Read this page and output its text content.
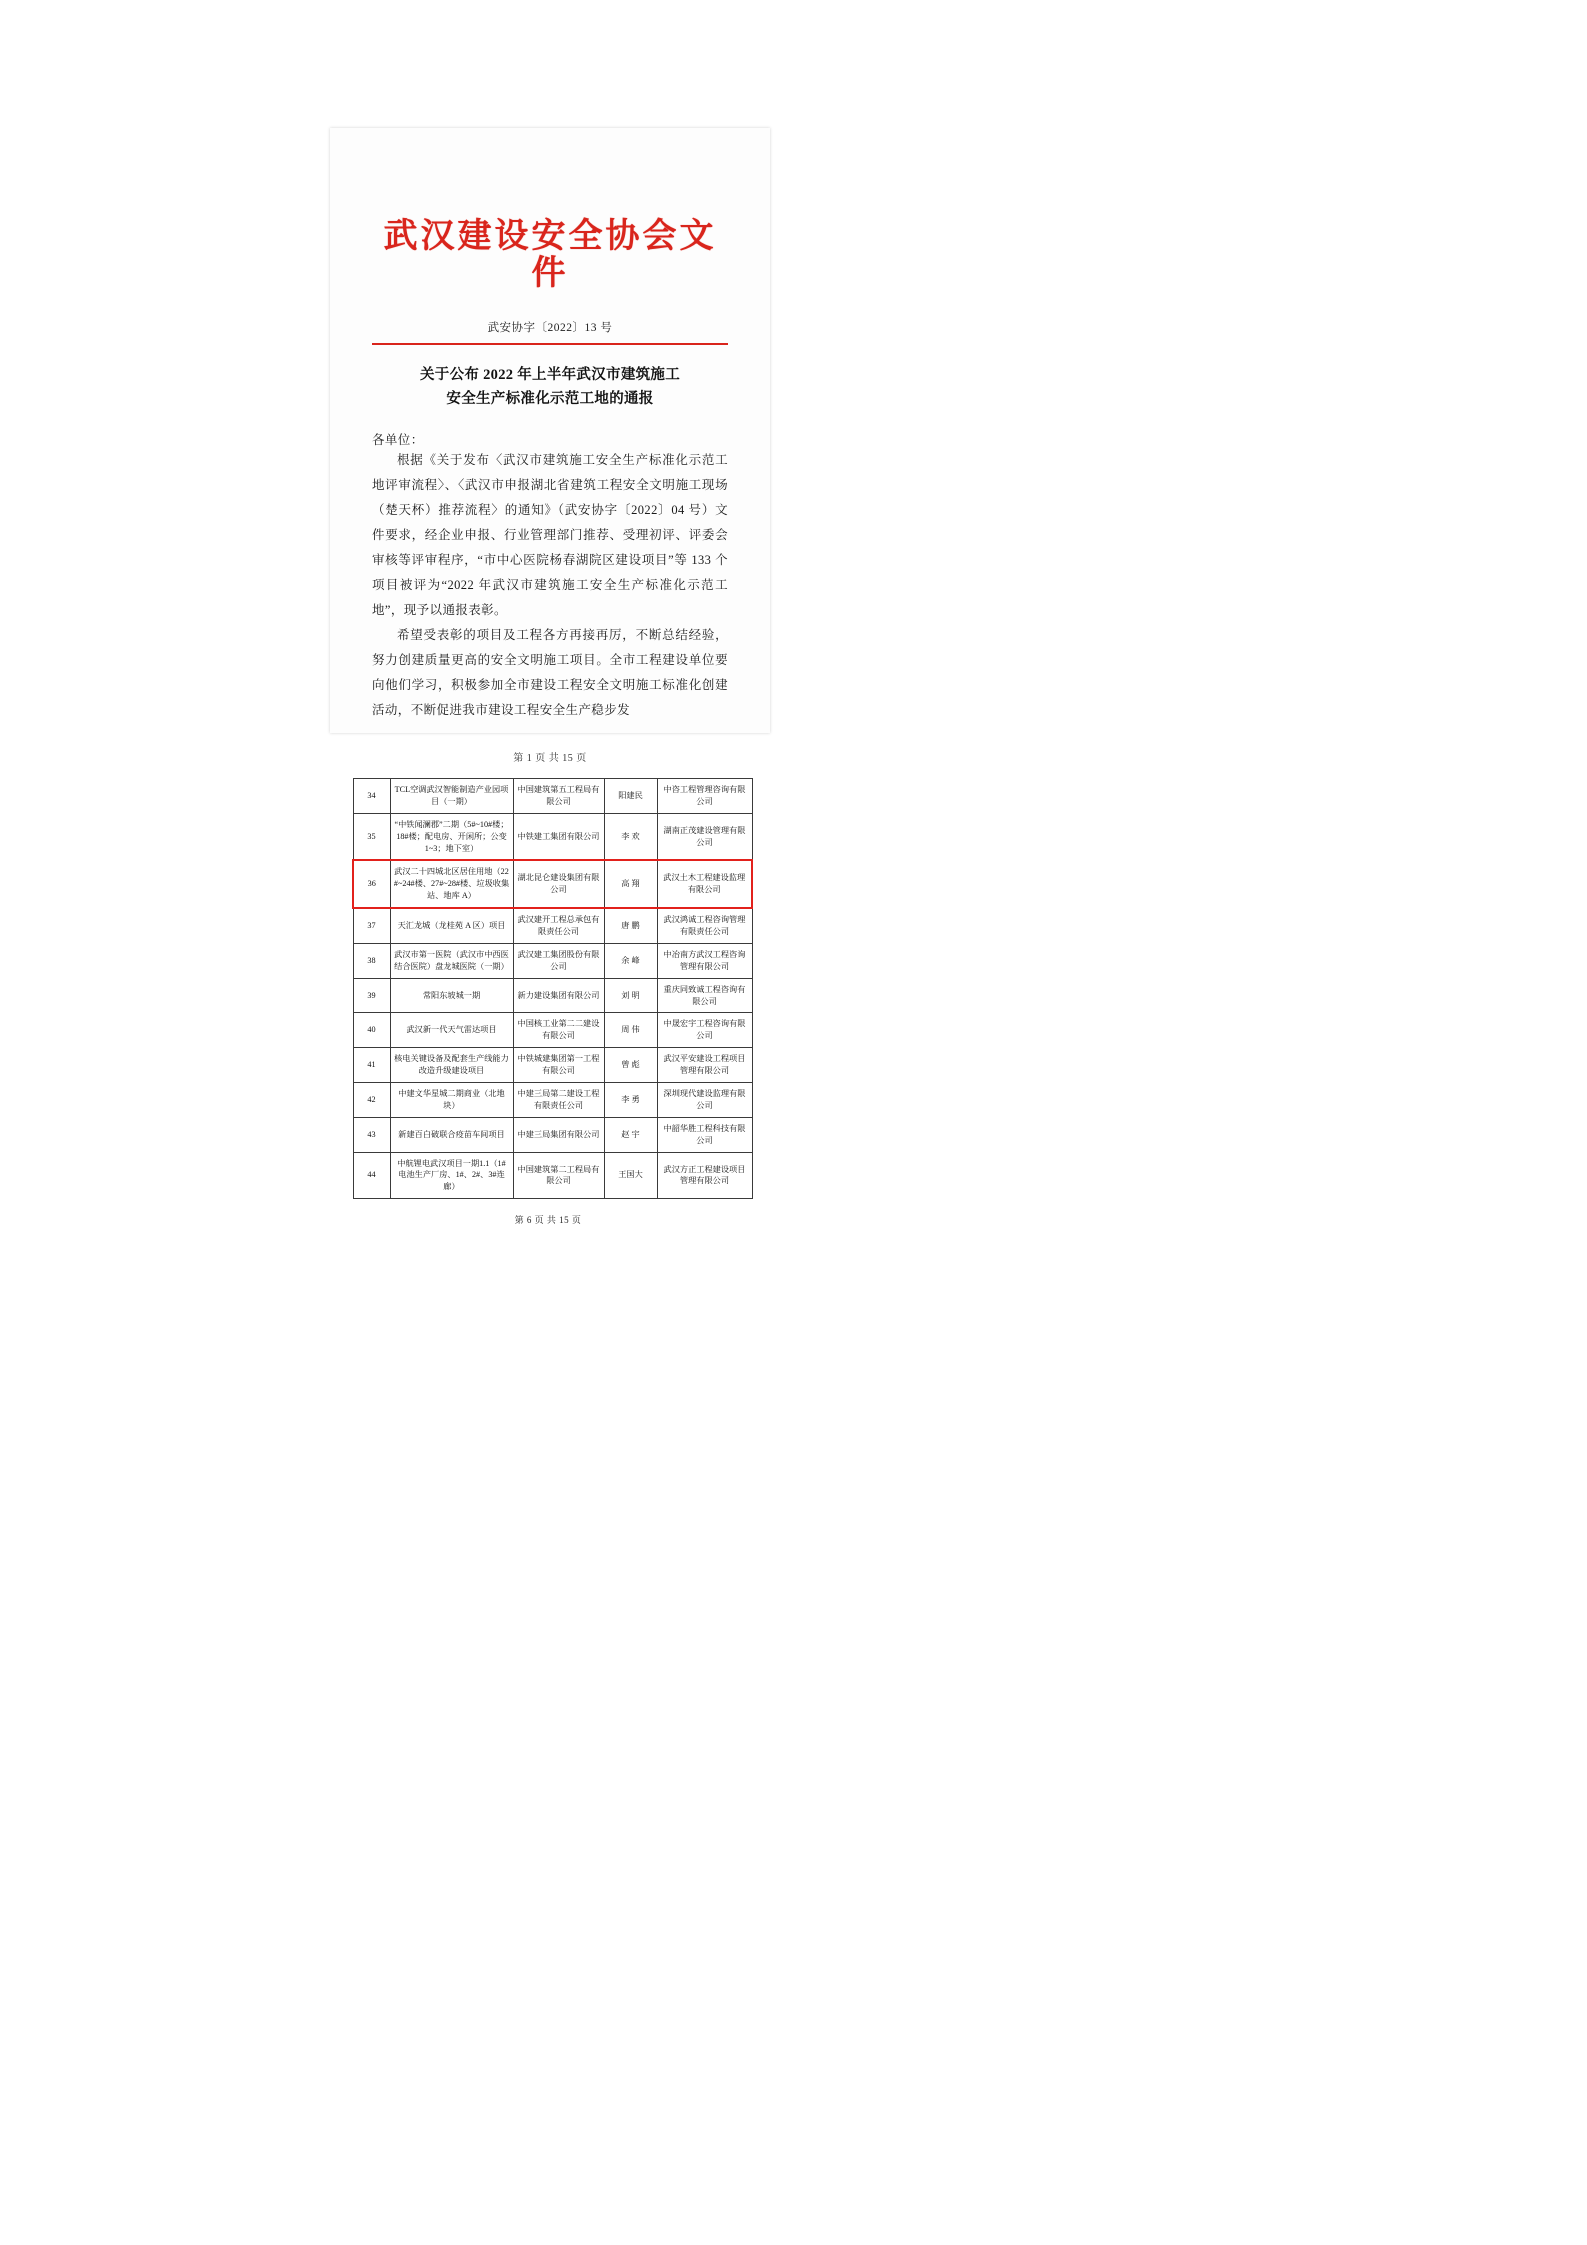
武汉建设安全协会文件
武安协字〔2022〕13 号
关于公布 2022 年上半年武汉市建筑施工
安全生产标准化示范工地的通报
各单位：

根据《关于发布〈武汉市建筑施工安全生产标准化示范工地评审流程〉、〈武汉市申报湖北省建筑工程安全文明施工现场（楚天杯）推荐流程〉的通知》（武安协字〔2022〕04 号）文件要求，经企业申报、行业管理部门推荐、受理初评、评委会审核等评审程序，“市中心医院杨春湖院区建设项目”等 133 个项目被评为“2022 年武汉市建筑施工安全生产标准化示范工地”，现予以通报表彰。

希望受表彰的项目及工程各方再接再厉，不断总结经验，努力创建质量更高的安全文明施工项目。全市工程建设单位要向他们学习，积极参加全市建设工程安全文明施工标准化创建活动，不断促进我市建设工程安全生产稳步发

第 1 页 共 15 页
34	TCL空调武汉智能制造产业园项目（一期）	中国建筑第五工程局有限公司	阳建民	中咨工程管理咨询有限公司
35	“中铁闻澜郡”二期（5#~10#楼；18#楼；配电房、开闲所；公变 1~3；地下室）	中铁建工集团有限公司	李 欢	湖南正茂建设管理有限公司
36	武汉二十四城北区居住用地（22#~24#楼、27#~28#楼、垃圾收集站、地库 A）	湖北昆仑建设集团有限公司	高 翔	武汉土木工程建设监理有限公司
37	天汇龙城（龙桂苑 A 区）项目	武汉建开工程总承包有限责任公司	唐 鹏	武汉鸿诚工程咨询管理有限责任公司
38	武汉市第一医院（武汉市中西医结合医院）盘龙城医院（一期）	武汉建工集团股份有限公司	余 峰	中冶南方武汉工程咨询管理有限公司
39	常阳东坡城一期	新力建设集团有限公司	刘 明	重庆同致诚工程咨询有限公司
40	武汉新一代天气雷达项目	中国核工业第二二建设有限公司	周 伟	中晟宏宇工程咨询有限公司
41	核电关键设备及配套生产线能力改造升级建设项目	中铁城建集团第一工程有限公司	曾 彪	武汉平安建设工程项目管理有限公司
42	中建文华星城二期商业（北地块）	中建三局第二建设工程有限责任公司	李 勇	深圳现代建设监理有限公司
43	新建百白破联合疫苗车间项目	中建三局集团有限公司	赵 宇	中韶华胜工程科技有限公司
44	中航锂电武汉项目一期1.1（1#电池生产厂房、1#、2#、3#连廊）	中国建筑第二工程局有限公司	王国大	武汉方正工程建设项目管理有限公司
第 6 页 共 15 页
